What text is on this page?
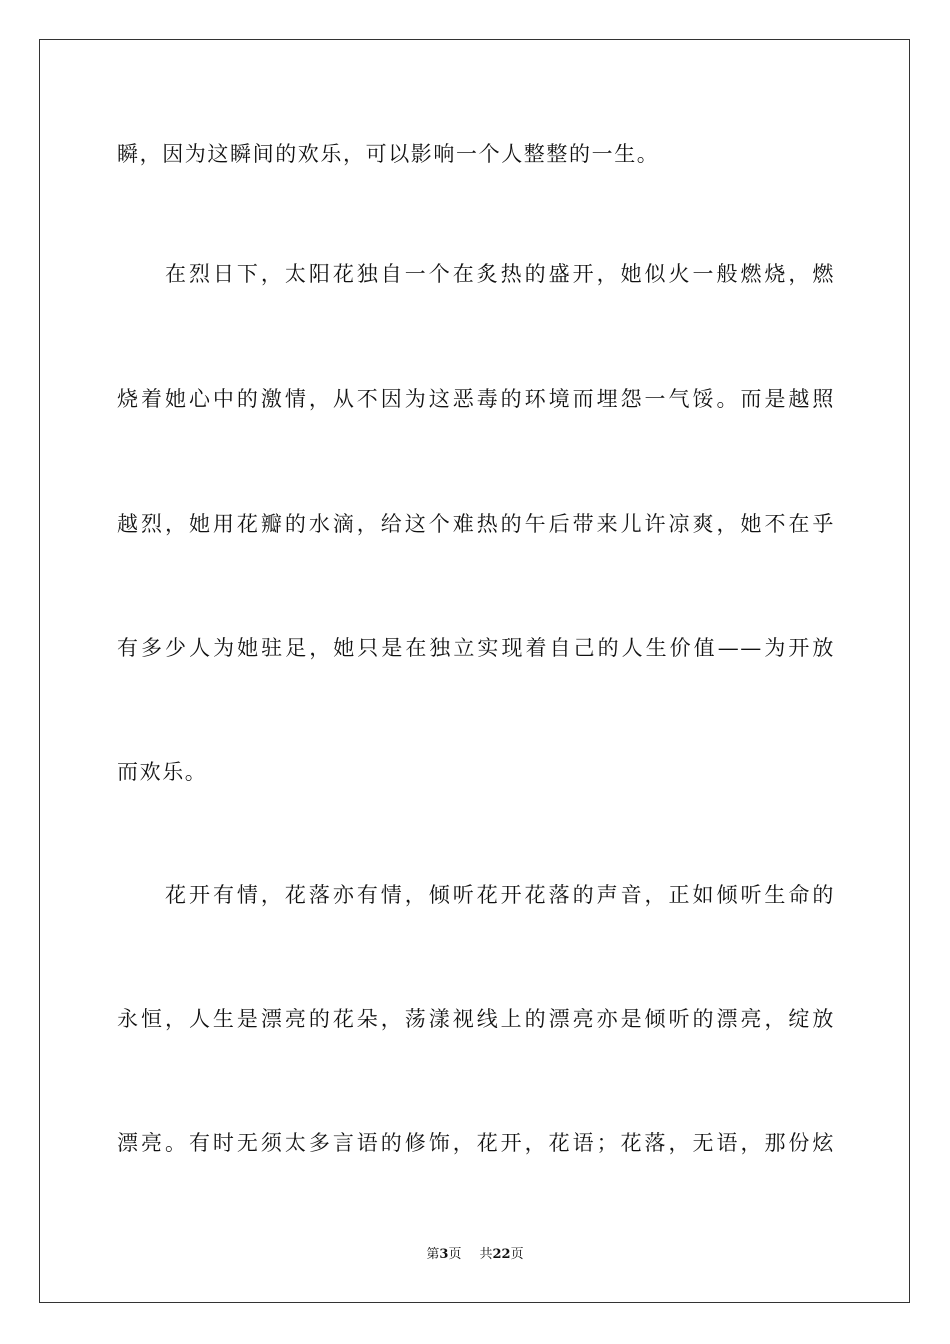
瞬，因为这瞬间的欢乐，可以影响一个人整整的一生。
在烈日下，太阳花独自一个在炙热的盛开，她似火一般燃烧，燃
烧着她心中的激情，从不因为这恶毒的环境而埋怨一气馁。而是越照
越烈，她用花瓣的水滴，给这个难热的午后带来儿许凉爽，她不在乎
有多少人为她驻足，她只是在独立实现着自己的人生价值——为开放
而欢乐。
花开有情，花落亦有情，倾听花开花落的声音，正如倾听生命的
永恒，人生是漂亮的花朵，荡漾视线上的漂亮亦是倾听的漂亮，绽放
漂亮。有时无须太多言语的修饰，花开，花语；花落，无语，那份炫
第3页 共22页
